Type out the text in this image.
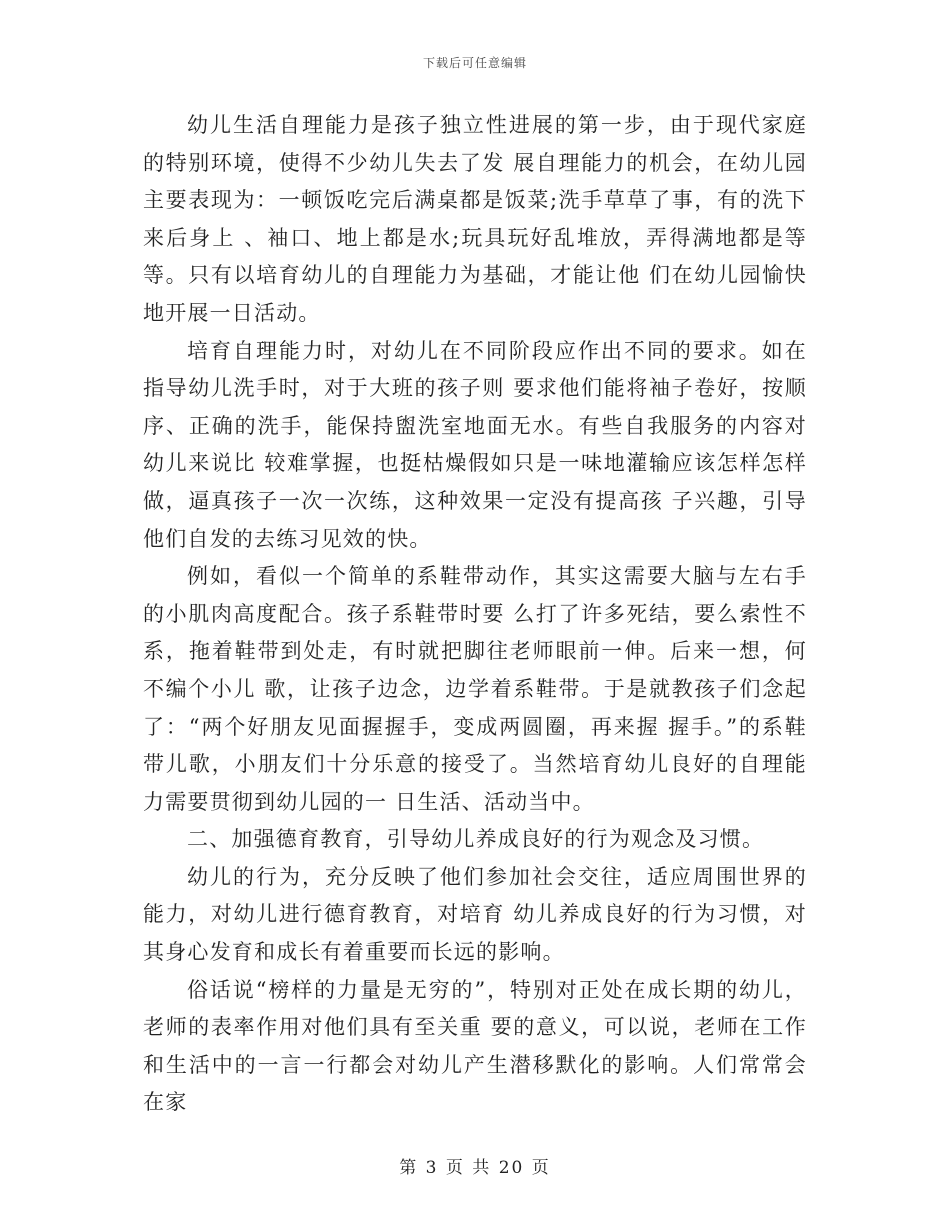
下载后可任意编辑

幼儿生活自理能力是孩子独立性进展的第一步，由于现代家庭的特别环境，使得不少幼儿失去了发 展自理能力的机会，在幼儿园主要表现为：一顿饭吃完后满桌都是饭菜;洗手草草了事，有的洗下来后身上 、袖口、地上都是水;玩具玩好乱堆放，弄得满地都是等等。只有以培育幼儿的自理能力为基础，才能让他 们在幼儿园愉快地开展一日活动。

培育自理能力时，对幼儿在不同阶段应作出不同的要求。如在指导幼儿洗手时，对于大班的孩子则 要求他们能将袖子卷好，按顺序、正确的洗手，能保持盥洗室地面无水。有些自我服务的内容对幼儿来说比 较难掌握，也挺枯燥假如只是一味地灌输应该怎样怎样做，逼真孩子一次一次练，这种效果一定没有提高孩 子兴趣，引导他们自发的去练习见效的快。

例如，看似一个简单的系鞋带动作，其实这需要大脑与左右手的小肌肉高度配合。孩子系鞋带时要 么打了许多死结，要么索性不系，拖着鞋带到处走，有时就把脚往老师眼前一伸。后来一想，何不编个小儿 歌，让孩子边念，边学着系鞋带。于是就教孩子们念起了：“两个好朋友见面握握手，变成两圆圈，再来握 握手。”的系鞋带儿歌，小朋友们十分乐意的接受了。当然培育幼儿良好的自理能力需要贯彻到幼儿园的一 日生活、活动当中。

二、加强德育教育，引导幼儿养成良好的行为观念及习惯。

幼儿的行为，充分反映了他们参加社会交往，适应周围世界的能力，对幼儿进行德育教育，对培育 幼儿养成良好的行为习惯，对其身心发育和成长有着重要而长远的影响。

俗话说“榜样的力量是无穷的”，特别对正处在成长期的幼儿，老师的表率作用对他们具有至关重 要的意义，可以说，老师在工作和生活中的一言一行都会对幼儿产生潜移默化的影响。人们常常会在家

第 3 页 共 20 页
